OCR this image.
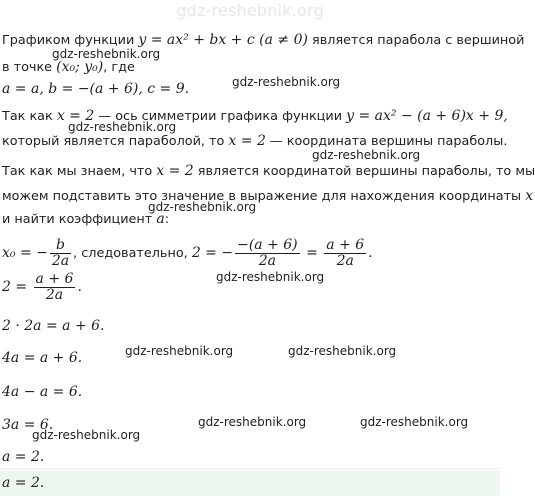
gdz-reshebnik.org
Графиком функции y = ax² + bx + c (a ≠ 0) является парабола с вершиной
в точке (x₀; y₀), где
a = a, b = −(a + 6), c = 9.
Так как x = 2 — ось симметрии графика функции y = ax² − (a + 6)x + 9,
который является параболой, то x = 2 — координата вершины параболы.
Так как мы знаем, что x = 2 является координатой вершины параболы, то мы
можем подставить это значение в выражение для нахождения координаты x
и найти коэффициент a:
x₀ = − $\frac{b}{2a}$ , следовательно, 2 = − $\frac{-(a + 6)}{2a} = \frac{a + 6}{2a}$ .
$2 = \frac{a + 6}{2a}$ .
2 · 2a = a + 6.
4a = a + 6.
4a − a = 6.
3a = 6.
a = 2.
a = 2.
gdz-reshebnik.org
gdz-reshebnik.org
gdz-reshebnik.org
gdz-reshebnik.org
gdz-reshebnik.org
gdz-reshebnik.org
gdz-reshebnik.org	gdz-reshebnik.org
gdz-reshebnik.org	gdz-reshebnik.org
gdz-reshebnik.org
